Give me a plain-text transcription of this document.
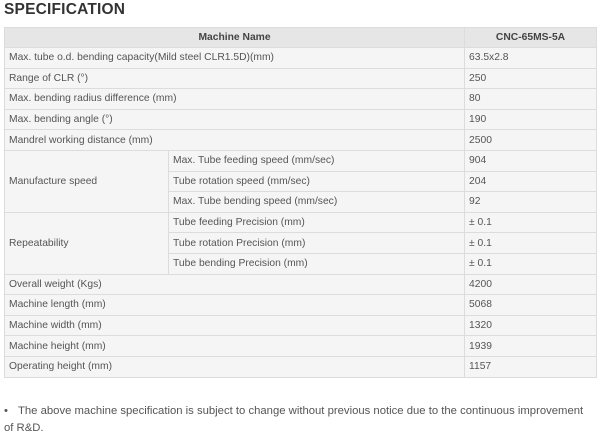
SPECIFICATION
Machine Name		CNC-65MS-5A
Max. tube o.d. bending capacity(Mild steel CLR1.5D)(mm)		63.5x2.8
Range of CLR (°)		250
Max. bending radius difference (mm)		80
Max. bending angle (°)		190
Mandrel working distance (mm)		2500
Manufacture speed	Max. Tube feeding speed (mm/sec)	904
	Tube rotation speed (mm/sec)	204
	Max. Tube bending speed (mm/sec)	92
Repeatability	Tube feeding Precision (mm)	± 0.1
	Tube rotation Precision (mm)	± 0.1
	Tube bending Precision (mm)	± 0.1
Overall weight (Kgs)		4200
Machine length (mm)		5068
Machine width (mm)		1320
Machine height (mm)		1939
Operating height (mm)		1157
• The above machine specification is subject to change without previous notice due to the continuous improvement of R&D.
